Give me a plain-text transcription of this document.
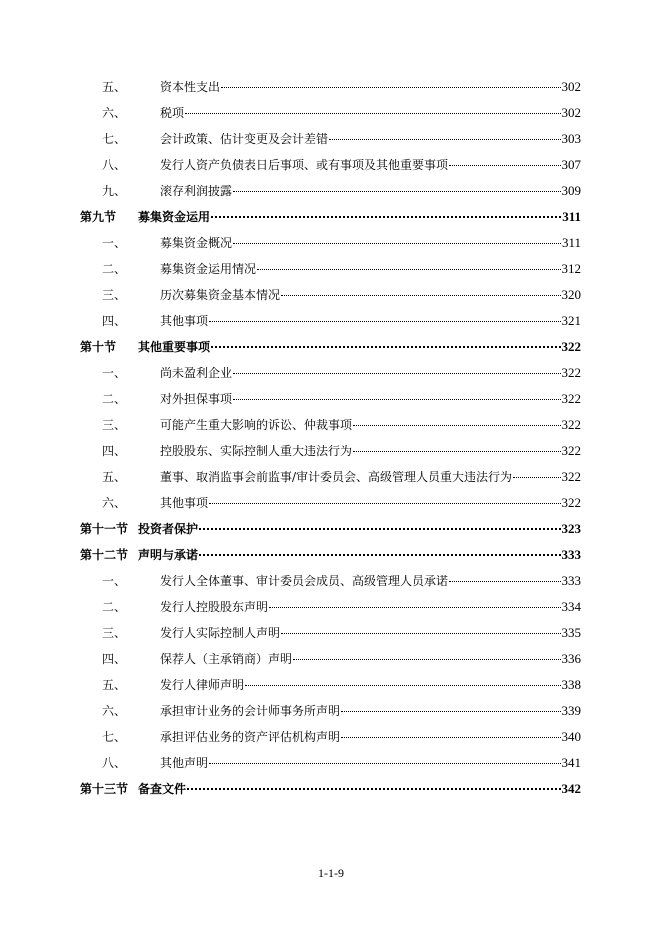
五、	资本性支出	302
六、	税项	302
七、	会计政策、估计变更及会计差错	303
八、	发行人资产负债表日后事项、或有事项及其他重要事项	307
九、	滚存利润披露	309
第九节	募集资金运用	311
一、	募集资金概况	311
二、	募集资金运用情况	312
三、	历次募集资金基本情况	320
四、	其他事项	321
第十节	其他重要事项	322
一、	尚未盈利企业	322
二、	对外担保事项	322
三、	可能产生重大影响的诉讼、仲裁事项	322
四、	控股股东、实际控制人重大违法行为	322
五、	董事、取消监事会前监事/审计委员会、高级管理人员重大违法行为	322
六、	其他事项	322
第十一节 投资者保护	323
第十二节 声明与承诺	333
一、	发行人全体董事、审计委员会成员、高级管理人员承诺	333
二、	发行人控股股东声明	334
三、	发行人实际控制人声明	335
四、	保荐人（主承销商）声明	336
五、	发行人律师声明	338
六、	承担审计业务的会计师事务所声明	339
七、	承担评估业务的资产评估机构声明	340
八、	其他声明	341
第十三节 备查文件	342
1-1-9
